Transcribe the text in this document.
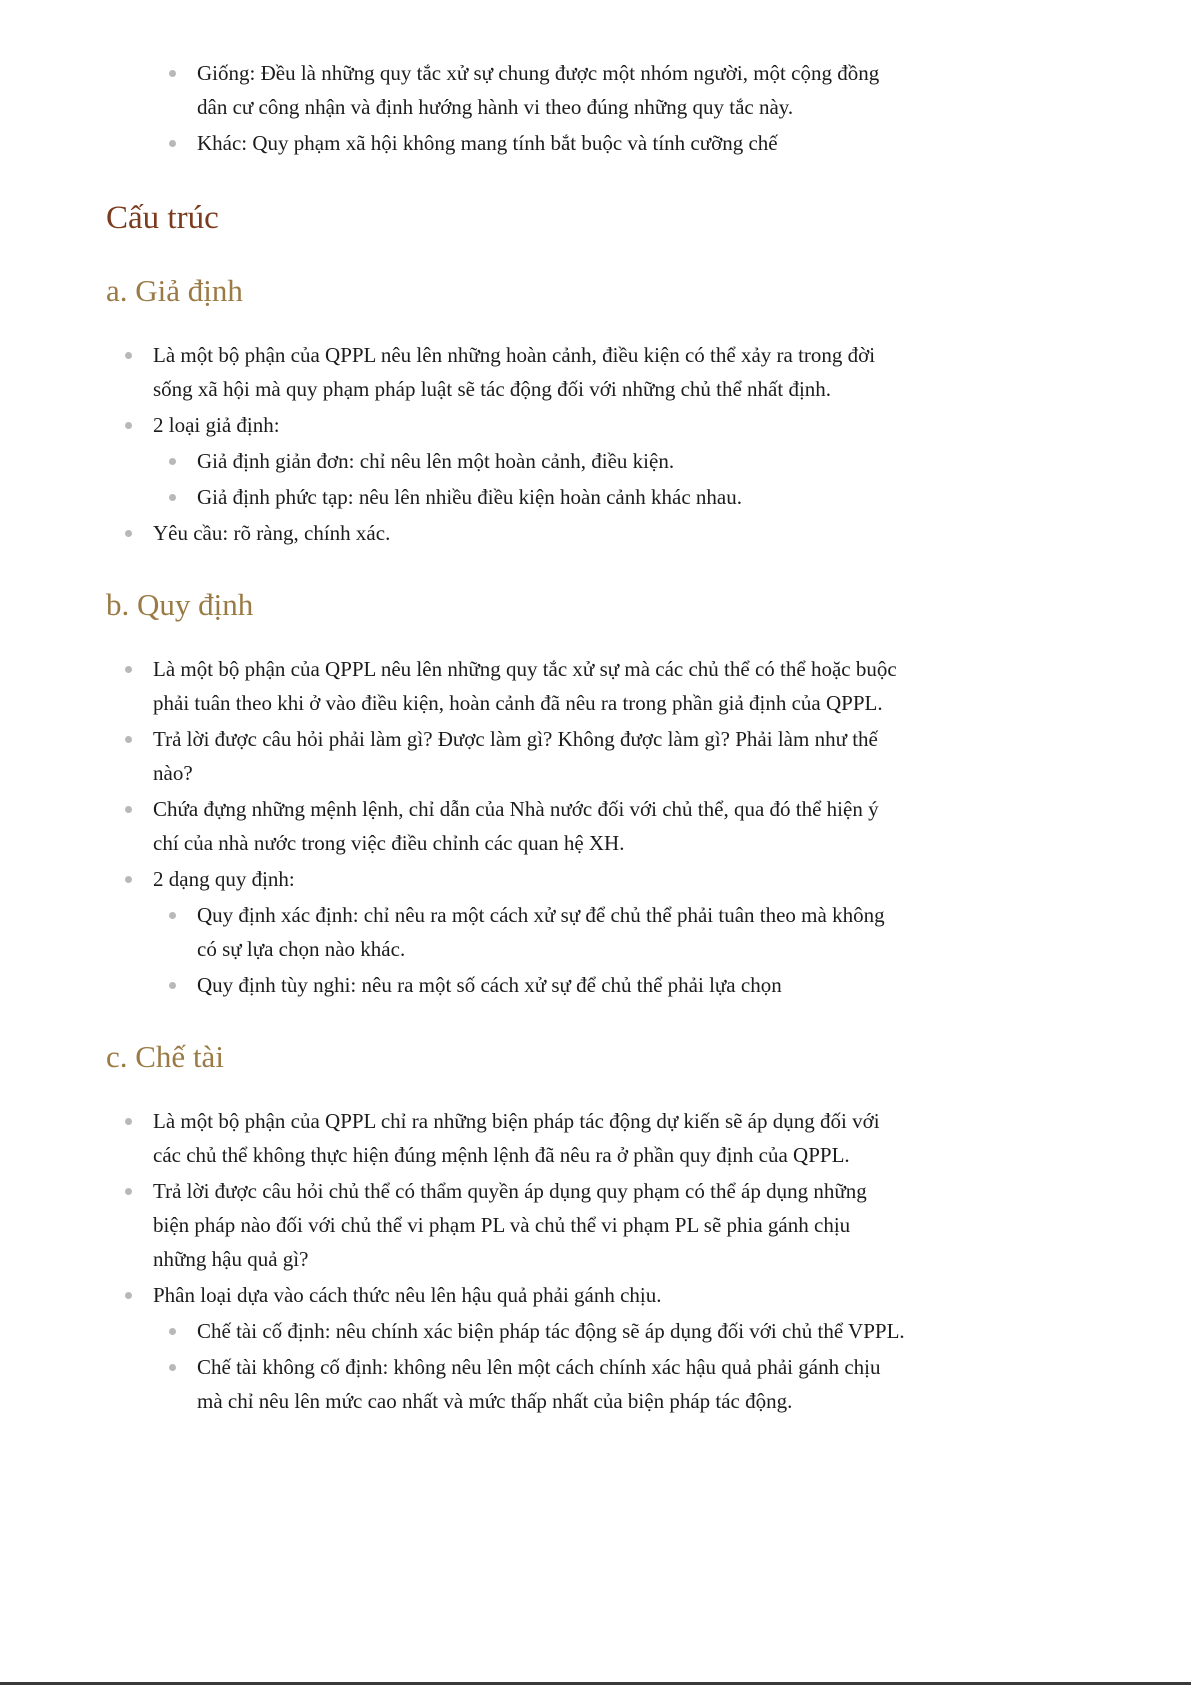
Giống: Đều là những quy tắc xử sự chung được một nhóm người, một cộng đồng dân cư công nhận và định hướng hành vi theo đúng những quy tắc này.
Khác: Quy phạm xã hội không mang tính bắt buộc và tính cưỡng chế
Cấu trúc
a. Giả định
Là một bộ phận của QPPL nêu lên những hoàn cảnh, điều kiện có thể xảy ra trong đời sống xã hội mà quy phạm pháp luật sẽ tác động đối với những chủ thể nhất định.
2 loại giả định:
Giả định giản đơn: chỉ nêu lên một hoàn cảnh, điều kiện.
Giả định phức tạp: nêu lên nhiều điều kiện hoàn cảnh khác nhau.
Yêu cầu: rõ ràng, chính xác.
b. Quy định
Là một bộ phận của QPPL nêu lên những quy tắc xử sự mà các chủ thể có thể hoặc buộc phải tuân theo khi ở vào điều kiện, hoàn cảnh đã nêu ra trong phần giả định của QPPL.
Trả lời được câu hỏi phải làm gì? Được làm gì? Không được làm gì? Phải làm như thế nào?
Chứa đựng những mệnh lệnh, chỉ dẫn của Nhà nước đối với chủ thể, qua đó thể hiện ý chí của nhà nước trong việc điều chỉnh các quan hệ XH.
2 dạng quy định:
Quy định xác định: chỉ nêu ra một cách xử sự để chủ thể phải tuân theo mà không có sự lựa chọn nào khác.
Quy định tùy nghi: nêu ra một số cách xử sự để chủ thể phải lựa chọn
c. Chế tài
Là một bộ phận của QPPL chỉ ra những biện pháp tác động dự kiến sẽ áp dụng đối với các chủ thể không thực hiện đúng mệnh lệnh đã nêu ra ở phần quy định của QPPL.
Trả lời được câu hỏi chủ thể có thẩm quyền áp dụng quy phạm có thể áp dụng những biện pháp nào đối với chủ thể vi phạm PL và chủ thể vi phạm PL sẽ phia gánh chịu những hậu quả gì?
Phân loại dựa vào cách thức nêu lên hậu quả phải gánh chịu.
Chế tài cố định: nêu chính xác biện pháp tác động sẽ áp dụng đối với chủ thể VPPL.
Chế tài không cố định: không nêu lên một cách chính xác hậu quả phải gánh chịu mà chỉ nêu lên mức cao nhất và mức thấp nhất của biện pháp tác động.
